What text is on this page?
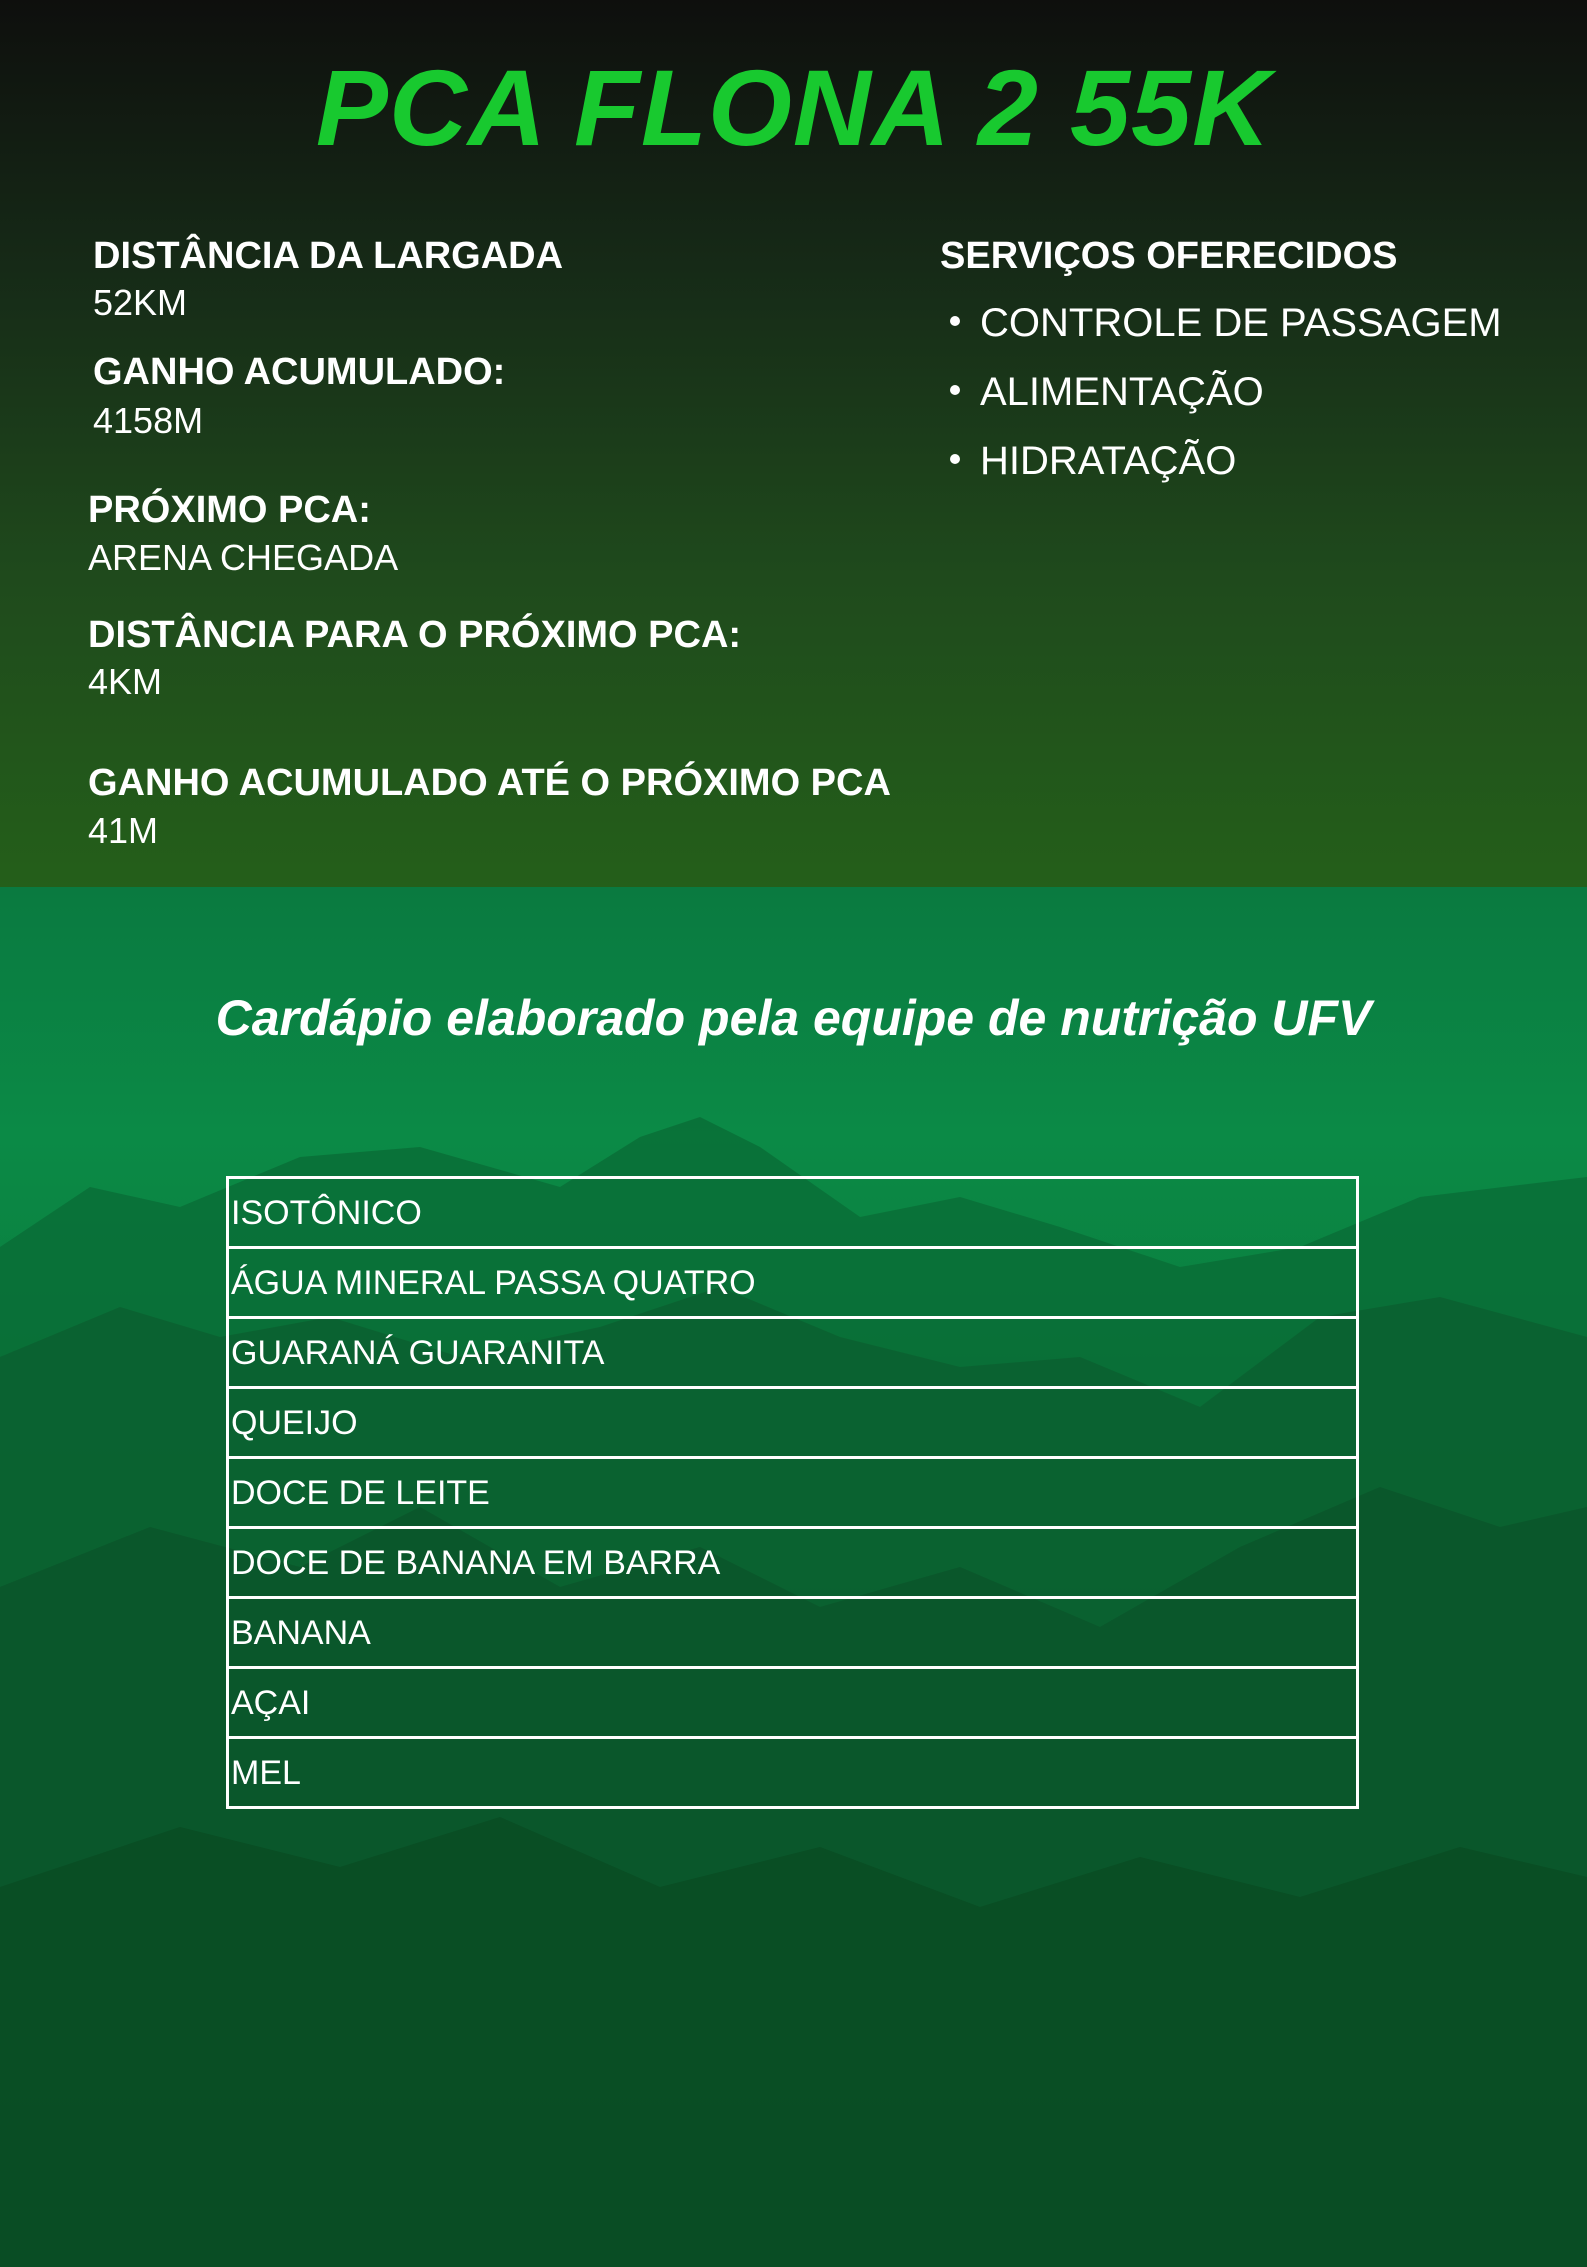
PCA FLONA 2 55K
DISTÂNCIA DA LARGADA
52KM
GANHO ACUMULADO:
4158M
PRÓXIMO PCA:
ARENA CHEGADA
DISTÂNCIA PARA O PRÓXIMO PCA:
4KM
GANHO ACUMULADO ATÉ O PRÓXIMO PCA
41M
SERVIÇOS OFERECIDOS
CONTROLE DE PASSAGEM
ALIMENTAÇÃO
HIDRATAÇÃO
Cardápio elaborado pela equipe de nutrição UFV
ISOTÔNICO
ÁGUA MINERAL PASSA QUATRO
GUARANÁ GUARANITA
QUEIJO
DOCE DE LEITE
DOCE DE BANANA EM BARRA
BANANA
AÇAI
MEL
